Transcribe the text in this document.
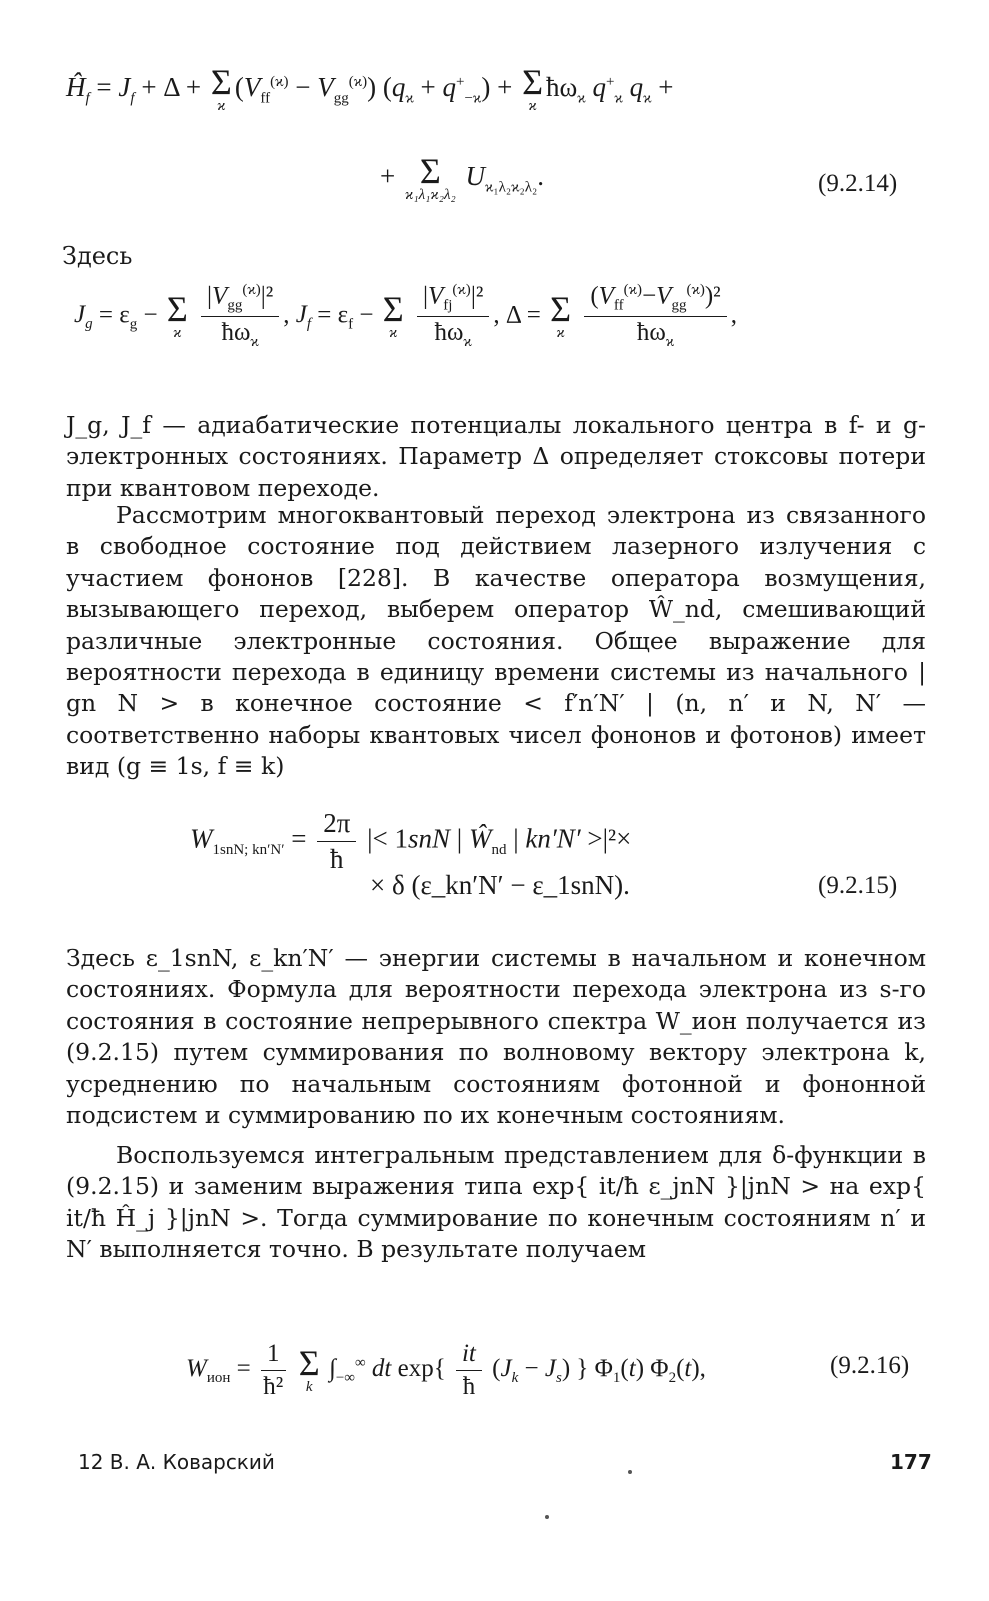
$Ĥ_f = J_f + \Delta + \Sigma$
ϰ
$(V_{ff}^{(ϰ)} - V_{gg}^{(ϰ)}) (q_ϰ + q^+_{-ϰ}) + \Sigma$
ϰ
$ħ\omega_ϰ$ $q^+_ϰ$ $q_ϰ$ +
+ Σ
ϰ₁λ₁ϰ₂λ₂
$U_{ϰ_1\lambda_2ϰ_2\lambda_2}$.	(9.2.14)
Здесь
$J_g = \varepsilon_g - \Sigma$
ϰ
$\frac{|V_{gg}^{(ϰ)}|^2}{ħ\omega_ϰ}$ , $J_f = \varepsilon_f - \Sigma$
ϰ
$\frac{|V_{fj}^{(ϰ)}|^2}{ħ\omega_ϰ}$ , Δ = Σ
ϰ
$\frac{(V_{ff}^{(ϰ)}-V_{gg}^{(ϰ)})^2}{ħ\omega_ϰ}$ ,
J_g, J_f — адиабатические потенциалы локального центра в f- и g-электронных состояниях. Параметр Δ определяет стоксовы потери при квантовом переходе.
Рассмотрим многоквантовый переход электрона из связанного в свободное состояние под действием лазерного излучения с участием фононов [228]. В качестве оператора возмущения, вызывающего переход, выберем оператор Ŵ_nd, смешивающий различные электронные состояния. Общее выражение для вероятности перехода в единицу времени системы из начального | gn N > в конечное состояние < f′n′N′ | (n, n′ и N, N′ — соответственно наборы квантовых чисел фононов и фотонов) имеет вид (g ≡ 1s, f ≡ k)
$W_{1snN; kn'N'} = \frac{2\pi}{ħ}$ |< 1snN | $Ŵ_{nd}$ | kn′N′ >|²×
× δ (ε_kn′N′ − ε_1snN).	(9.2.15)
Здесь ε_1snN, ε_kn′N′ — энергии системы в начальном и конечном состояниях. Формула для вероятности перехода электрона из s-го состояния в состояние непрерывного спектра W_ион получается из (9.2.15) путем суммирования по волновому вектору электрона k, усреднению по начальным состояниям фотонной и фононной подсистем и суммированию по их конечным состояниям.
Воспользуемся интегральным представлением для δ-функции в (9.2.15) и заменим выражения типа exp{ it/ħ ε_jnN }|jnN > на exp{ it/ħ Ĥ_j }|jnN >. Тогда суммирование по конечным состояниям n′ и N′ выполняется точно. В результате получаем
$W_{ион} = \frac{1}{\text{ħ²}}$
Σ
k
$\int_{-\infty}^\infty$ dt $\exp\{ \frac{it}{ħ} (J_k - J_s)$ } $\Phi_1(t)$ $\Phi_2(t)$,	(9.2.16)
12 В. А. Коварский	177
